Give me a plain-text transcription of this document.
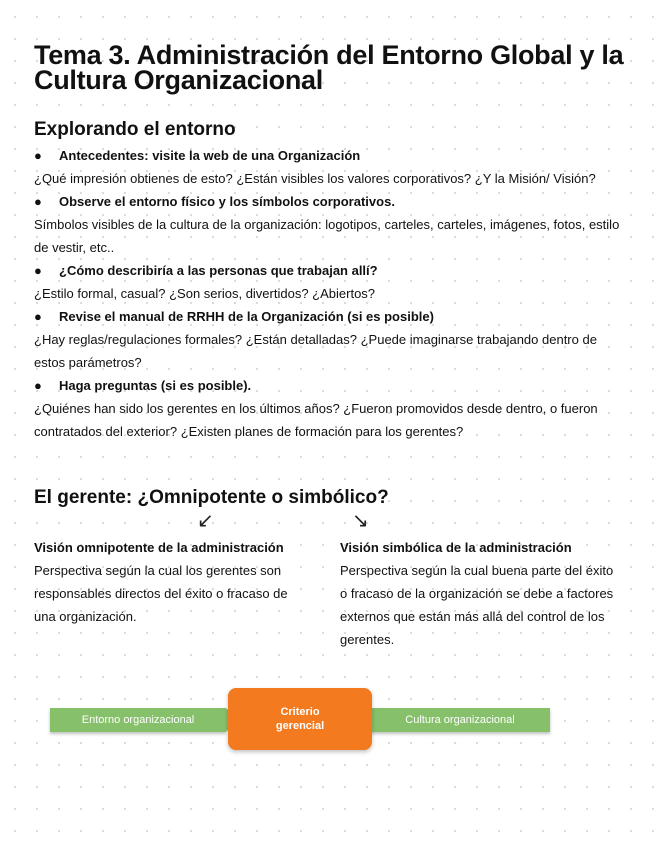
Tema 3. Administración del Entorno Global y la Cultura Organizacional
Explorando el entorno
●	Antecedentes: visite la web de una Organización

¿Qué impresión obtienes de esto? ¿Están visibles los valores corporativos? ¿Y la Misión/ Visión?

●	Observe el entorno físico y los símbolos corporativos.

Símbolos visibles de la cultura de la organización: logotipos, carteles, carteles, imágenes, fotos, estilo de vestir, etc..

●	¿Cómo describiría a las personas que trabajan allí?

¿Estilo formal, casual? ¿Son serios, divertidos? ¿Abiertos?

●	Revise el manual de RRHH de la Organización (si es posible)

¿Hay reglas/regulaciones formales? ¿Están detalladas? ¿Puede imaginarse trabajando dentro de estos parámetros?

●	Haga preguntas (si es posible).

¿Quiénes han sido los gerentes en los últimos años? ¿Fueron promovidos desde dentro, o fueron contratados del exterior? ¿Existen planes de formación para los gerentes?

El gerente: ¿Omnipotente o simbólico?
↙	↘
Visión omnipotente de la administración
Perspectiva según la cual los gerentes son responsables directos del éxito o fracaso de una organización.
Visión simbólica de la administración
Perspectiva según la cual buena parte del éxito o fracaso de la organización se debe a factores externos que están más allá del control de los gerentes.
Entorno organizacional	Cultura organizacional
Criterio gerencial
